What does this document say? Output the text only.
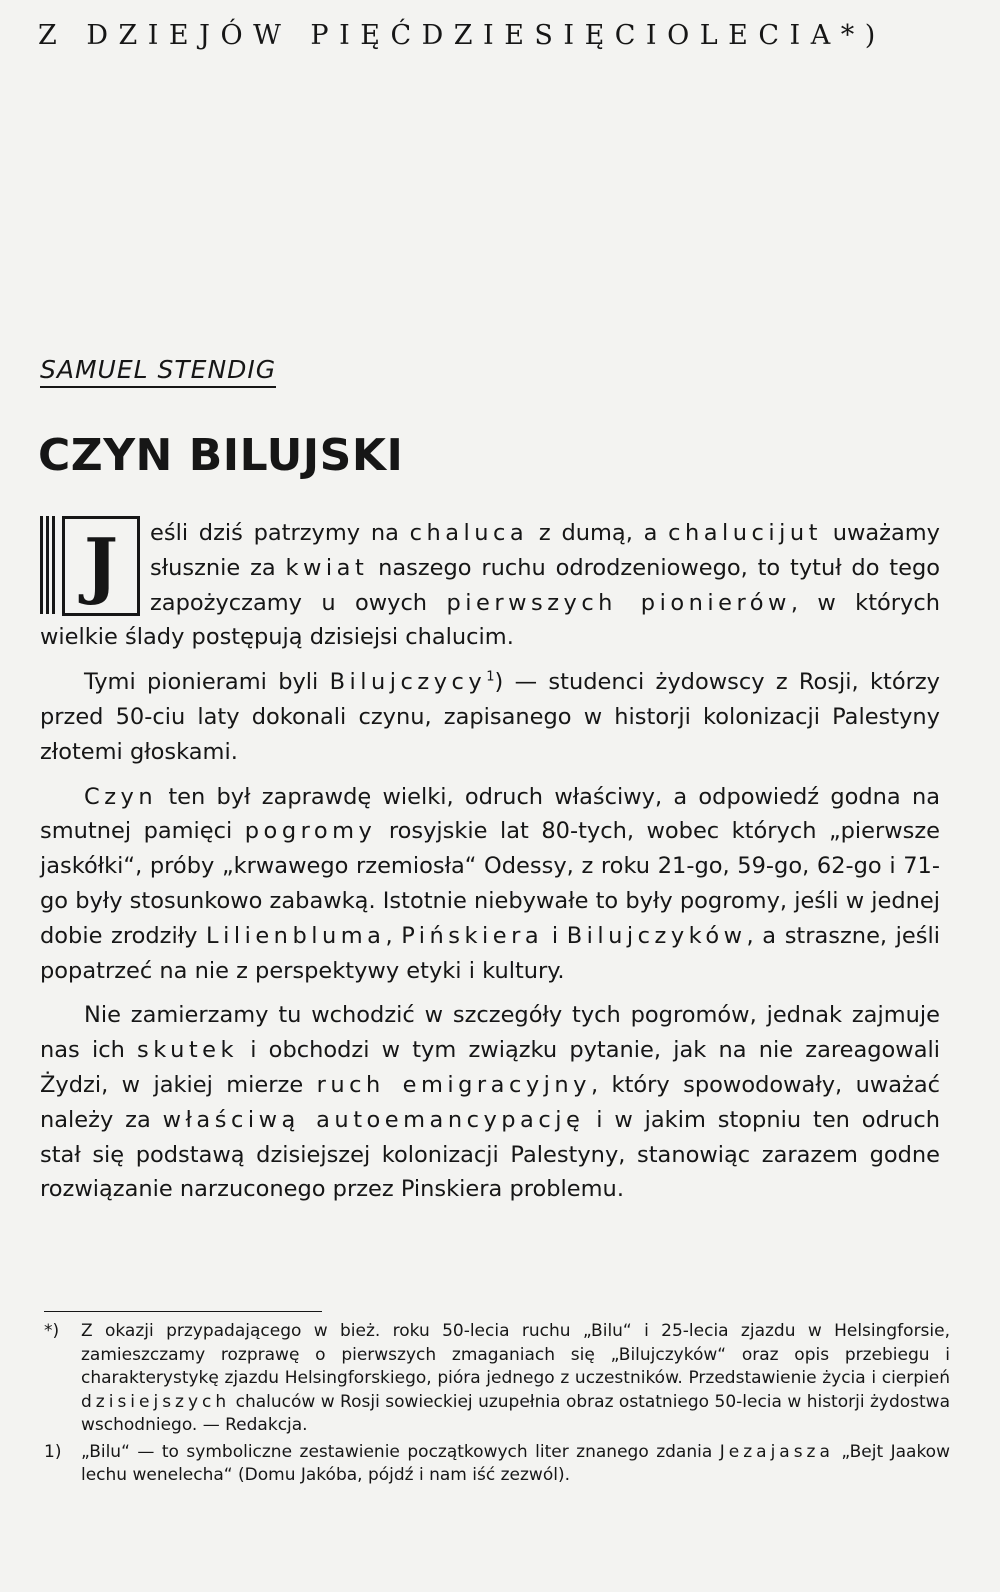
Z DZIEJÓW PIĘĆDZIESIĘCIOLECIA*)
SAMUEL STENDIG
CZYN BILUJSKI

J	eśli dziś patrzymy na chaluca z dumą, a chalucijut uważamy słusznie za kwiat naszego ruchu odrodzeniowego, to tytuł do tego zapożyczamy u owych pierwszych pionierów, w których wielkie ślady postępują dzisiejsi chalucim.

Tymi pionierami byli Bilujczycy$^1$) — studenci żydowscy z Rosji, którzy przed 50-ciu laty dokonali czynu, zapisanego w historji kolonizacji Palestyny złotemi głoskami.

Czyn ten był zaprawdę wielki, odruch właściwy, a odpowiedź godna na smutnej pamięci pogromy rosyjskie lat 80-tych, wobec których „pierwsze jaskółki“, próby „krwawego rzemiosła“ Odessy, z roku 21-go, 59-go, 62-go i 71-go były stosunkowo zabawką. Istotnie niebywałe to były pogromy, jeśli w jednej dobie zrodziły Lilienbluma, Pińskiera i Bilujczyków, a straszne, jeśli popatrzeć na nie z perspektywy etyki i kultury.

Nie zamierzamy tu wchodzić w szczegóły tych pogromów, jednak zajmuje nas ich skutek i obchodzi w tym związku pytanie, jak na nie zareagowali Żydzi, w jakiej mierze ruch emigracyjny, który spowodowały, uważać należy za właściwą autoemancypację i w jakim stopniu ten odruch stał się podstawą dzisiejszej kolonizacji Palestyny, stanowiąc zarazem godne rozwiązanie narzuconego przez Pinskiera problemu.

*) Z okazji przypadającego w bież. roku 50-lecia ruchu „Bilu“ i 25-lecia zjazdu w Helsingforsie, zamieszczamy rozprawę o pierwszych zmaganiach się „Bilujczyków“ oraz opis przebiegu i charakterystykę zjazdu Helsingforskiego, pióra jednego z uczestników. Przedstawienie życia i cierpień dzisiejszych chaluców w Rosji sowieckiej uzupełnia obraz ostatniego 50-lecia w historji żydostwa wschodniego. — Redakcja.
1) „Bilu“ — to symboliczne zestawienie początkowych liter znanego zdania Jezajasza „Bejt Jaakow lechu wenelecha“ (Domu Jakóba, pójdź i nam iść zezwól).
